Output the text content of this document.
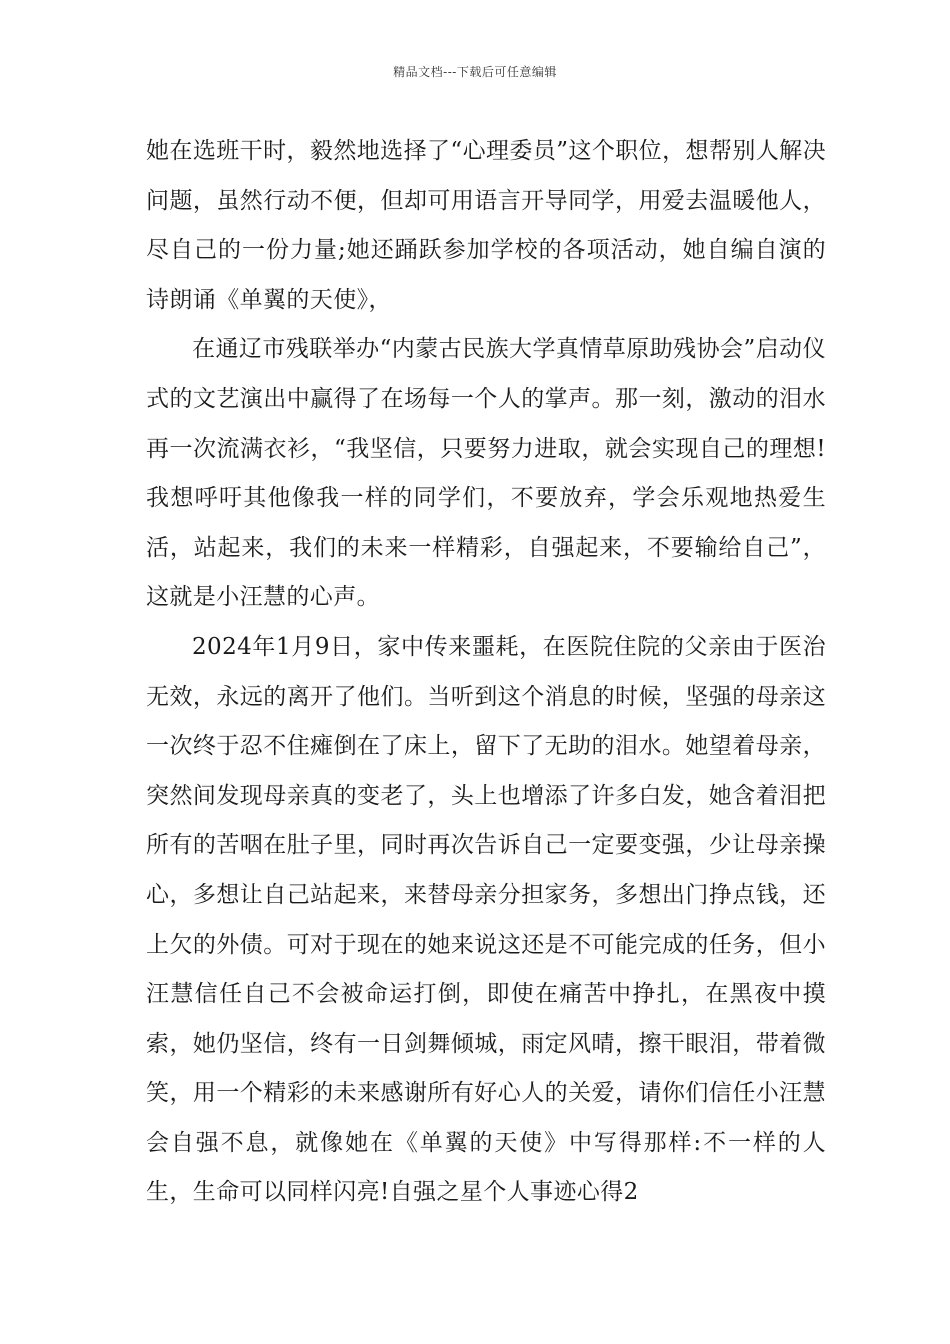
精品文档---下载后可任意编辑

她在选班干时，毅然地选择了“心理委员”这个职位，想帮别人解决问题，虽然行动不便，但却可用语言开导同学，用爱去温暖他人，尽自己的一份力量;她还踊跃参加学校的各项活动，她自编自演的诗朗诵《单翼的天使》，

在通辽市残联举办“内蒙古民族大学真情草原助残协会”启动仪式的文艺演出中赢得了在场每一个人的掌声。那一刻，激动的泪水再一次流满衣衫，“我坚信，只要努力进取，就会实现自己的理想!我想呼吁其他像我一样的同学们，不要放弃，学会乐观地热爱生活，站起来，我们的未来一样精彩，自强起来，不要输给自己”，这就是小汪慧的心声。

2024年1月9日，家中传来噩耗，在医院住院的父亲由于医治无效，永远的离开了他们。当听到这个消息的时候，坚强的母亲这一次终于忍不住瘫倒在了床上，留下了无助的泪水。她望着母亲，突然间发现母亲真的变老了，头上也增添了许多白发，她含着泪把所有的苦咽在肚子里，同时再次告诉自己一定要变强，少让母亲操心，多想让自己站起来，来替母亲分担家务，多想出门挣点钱，还上欠的外债。可对于现在的她来说这还是不可能完成的任务，但小汪慧信任自己不会被命运打倒，即使在痛苦中挣扎，在黑夜中摸索，她仍坚信，终有一日剑舞倾城，雨定风晴，擦干眼泪，带着微笑，用一个精彩的未来感谢所有好心人的关爱，请你们信任小汪慧会自强不息，就像她在《单翼的天使》中写得那样:不一样的人生，生命可以同样闪亮!自强之星个人事迹心得2
